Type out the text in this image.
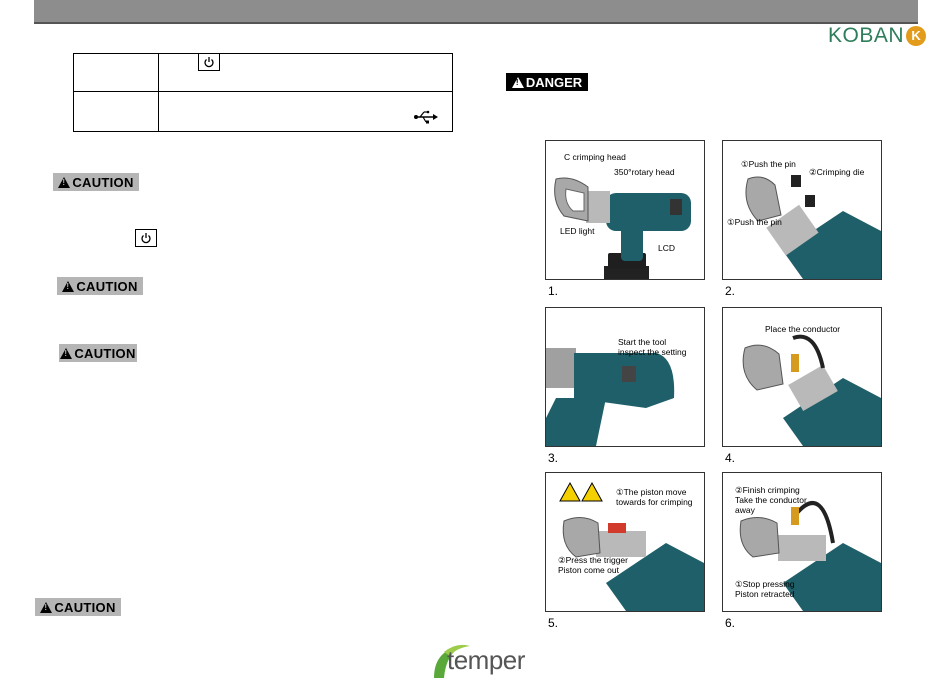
KOBAN K

!
CAUTION
!
CAUTION
!
CAUTION
!
CAUTION
!
DANGER
C crimping head
350°rotary head
LED light
LCD
1.
①Push the pin
②Crimping die
①Push the pin
2.
Start the tool
inspect the setting
3.
Place the conductor
4.
①The piston move
towards for crimping
②Press the trigger
Piston come out
5.
②Finish crimping
Take the conductor
away
①Stop pressing
Piston retracted
6.
temper
